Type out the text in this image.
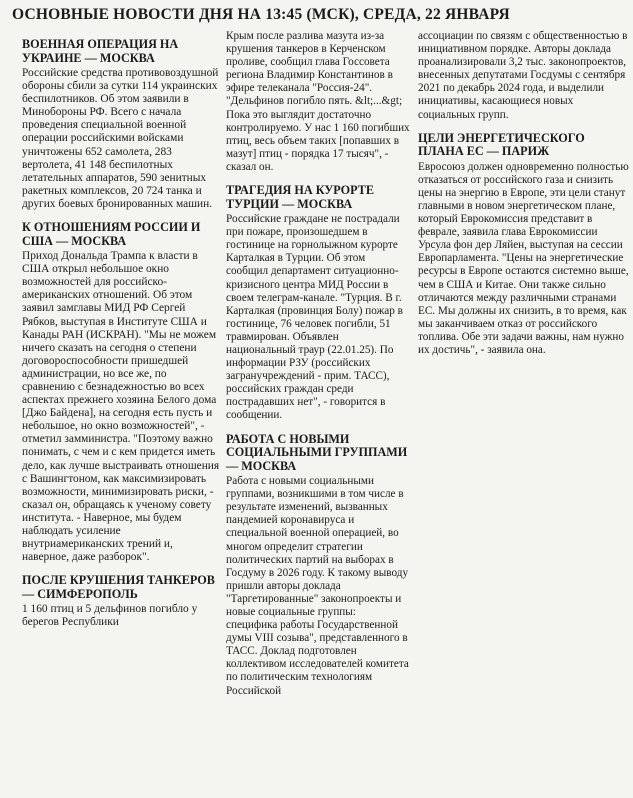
ОСНОВНЫЕ НОВОСТИ ДНЯ НА 13:45 (МСК), СРЕДА, 22 ЯНВАРЯ
ВОЕННАЯ ОПЕРАЦИЯ НА УКРАИНЕ — МОСКВА

Российские средства противовоздушной обороны сбили за сутки 114 украинских беспилотников. Об этом заявили в Минобороны РФ. Всего с начала проведения специальной военной операции российскими войсками уничтожены 652 самолета, 283 вертолета, 41 148 беспилотных летательных аппаратов, 590 зенитных ракетных комплексов, 20 724 танка и других боевых бронированных машин.

К ОТНОШЕНИЯМ РОССИИ И США — МОСКВА

Приход Дональда Трампа к власти в США открыл небольшое окно возможностей для российско-американских отношений. Об этом заявил замглавы МИД РФ Сергей Рябков, выступая в Институте США и Канады РАН (ИСКРАН). "Мы не можем ничего сказать на сегодня о степени договороспособности пришедшей администрации, но все же, по сравнению с безнадежностью во всех аспектах прежнего хозяина Белого дома [Джо Байдена], на сегодня есть пусть и небольшое, но окно возможностей", - отметил замминистра. "Поэтому важно понимать, с чем и с кем придется иметь дело, как лучше выстраивать отношения с Вашингтоном, как максимизировать возможности, минимизировать риски, - сказал он, обращаясь к ученому совету института. - Наверное, мы будем наблюдать усиление внутриамериканских трений и, наверное, даже разборок".

ПОСЛЕ КРУШЕНИЯ ТАНКЕРОВ — СИМФЕРОПОЛЬ

1 160 птиц и 5 дельфинов погибло у берегов Республики

Крым после разлива мазута из-за крушения танкеров в Керченском проливе, сообщил глава Госсовета региона Владимир Константинов в эфире телеканала "Россия-24". "Дельфинов погибло пять. &lt;...&gt; Пока это выглядит достаточно контролируемо. У нас 1 160 погибших птиц, весь объем таких [попавших в мазут] птиц - порядка 17 тысяч", - сказал он.

ТРАГЕДИЯ НА КУРОРТЕ ТУРЦИИ — МОСКВА

Российские граждане не пострадали при пожаре, произошедшем в гостинице на горнолыжном курорте Карталкая в Турции. Об этом сообщил департамент ситуационно-кризисного центра МИД России в своем телеграм-канале. "Турция. В г. Карталкая (провинция Болу) пожар в гостинице, 76 человек погибли, 51 травмирован. Объявлен национальный траур (22.01.25). По информации РЗУ (российских загранучреждений - прим. ТАСС), российских граждан среди пострадавших нет", - говорится в сообщении.

РАБОТА С НОВЫМИ СОЦИАЛЬНЫМИ ГРУППАМИ — МОСКВА

Работа с новыми социальными группами, возникшими в том числе в результате изменений, вызванных пандемией коронавируса и специальной военной операцией, во многом определит стратегии политических партий на выборах в Госдуму в 2026 году. К такому выводу пришли авторы доклада "Таргетированные" законопроекты и новые социальные группы: специфика работы Государственной думы VIII созыва", представленного в ТАСС. Доклад подготовлен коллективом исследователей комитета по политическим технологиям Российской

ассоциации по связям с общественностью в инициативном порядке. Авторы доклада проанализировали 3,2 тыс. законопроектов, внесенных депутатами Госдумы с сентября 2021 по декабрь 2024 года, и выделили инициативы, касающиеся новых социальных групп.

ЦЕЛИ ЭНЕРГЕТИЧЕСКОГО ПЛАНА ЕС — ПАРИЖ

Евросоюз должен одновременно полностью отказаться от российского газа и снизить цены на энергию в Европе, эти цели станут главными в новом энергетическом плане, который Еврокомиссия представит в феврале, заявила глава Еврокомиссии Урсула фон дер Ляйен, выступая на сессии Европарламента. "Цены на энергетические ресурсы в Европе остаются системно выше, чем в США и Китае. Они также сильно отличаются между различными странами ЕС. Мы должны их снизить, в то время, как мы заканчиваем отказ от российского топлива. Обе эти задачи важны, нам нужно их достичь", - заявила она.
